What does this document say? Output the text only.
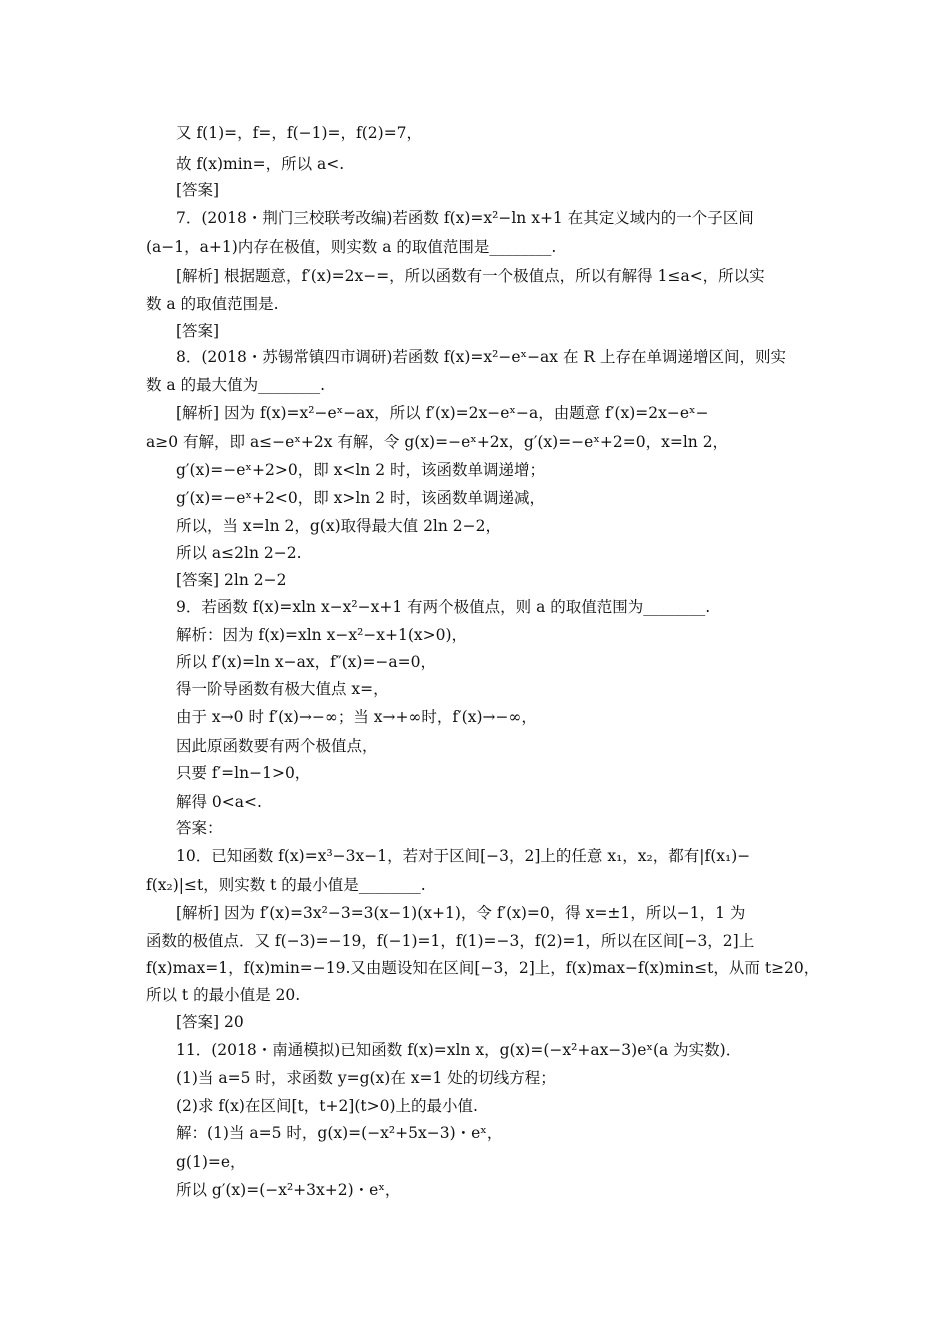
又 f(1)=，f=，f(−1)=，f(2)=7，
故 f(x)min=，所以 a<.
[答案]
7．(2018・荆门三校联考改编)若函数 f(x)=x²−ln x+1 在其定义域内的一个子区间
(a−1，a+1)内存在极值，则实数 a 的取值范围是________.
[解析] 根据题意，f′(x)=2x−=，所以函数有一个极值点，所以有解得 1≤a<，所以实
数 a 的取值范围是.
[答案]
8．(2018・苏锡常镇四市调研)若函数 f(x)=x²−eˣ−ax 在 R 上存在单调递增区间，则实
数 a 的最大值为________.
[解析] 因为 f(x)=x²−eˣ−ax，所以 f′(x)=2x−eˣ−a，由题意 f′(x)=2x−eˣ−
a≥0 有解，即 a≤−eˣ+2x 有解，令 g(x)=−eˣ+2x，g′(x)=−eˣ+2=0，x=ln 2，
g′(x)=−eˣ+2>0，即 x<ln 2 时，该函数单调递增；
g′(x)=−eˣ+2<0，即 x>ln 2 时，该函数单调递减，
所以，当 x=ln 2，g(x)取得最大值 2ln 2−2，
所以 a≤2ln 2−2.
[答案] 2ln 2−2
9．若函数 f(x)=xln x−x²−x+1 有两个极值点，则 a 的取值范围为________.
解析：因为 f(x)=xln x−x²−x+1(x>0)，
所以 f′(x)=ln x−ax，f″(x)=−a=0，
得一阶导函数有极大值点 x=，
由于 x→0 时 f′(x)→−∞；当 x→+∞时，f′(x)→−∞，
因此原函数要有两个极值点，
只要 f′=ln−1>0，
解得 0<a<.
答案：
10．已知函数 f(x)=x³−3x−1，若对于区间[−3，2]上的任意 x₁，x₂，都有|f(x₁)−
f(x₂)|≤t，则实数 t 的最小值是________.
[解析] 因为 f′(x)=3x²−3=3(x−1)(x+1)，令 f′(x)=0，得 x=±1，所以−1，1 为
函数的极值点．又 f(−3)=−19，f(−1)=1，f(1)=−3，f(2)=1，所以在区间[−3，2]上
f(x)max=1，f(x)min=−19.又由题设知在区间[−3，2]上，f(x)max−f(x)min≤t，从而 t≥20，
所以 t 的最小值是 20.
[答案] 20
11．(2018・南通模拟)已知函数 f(x)=xln x，g(x)=(−x²+ax−3)eˣ(a 为实数)．
(1)当 a=5 时，求函数 y=g(x)在 x=1 处的切线方程；
(2)求 f(x)在区间[t，t+2](t>0)上的最小值.
解：(1)当 a=5 时，g(x)=(−x²+5x−3)・eˣ，
g(1)=e，
所以 g′(x)=(−x²+3x+2)・eˣ，
